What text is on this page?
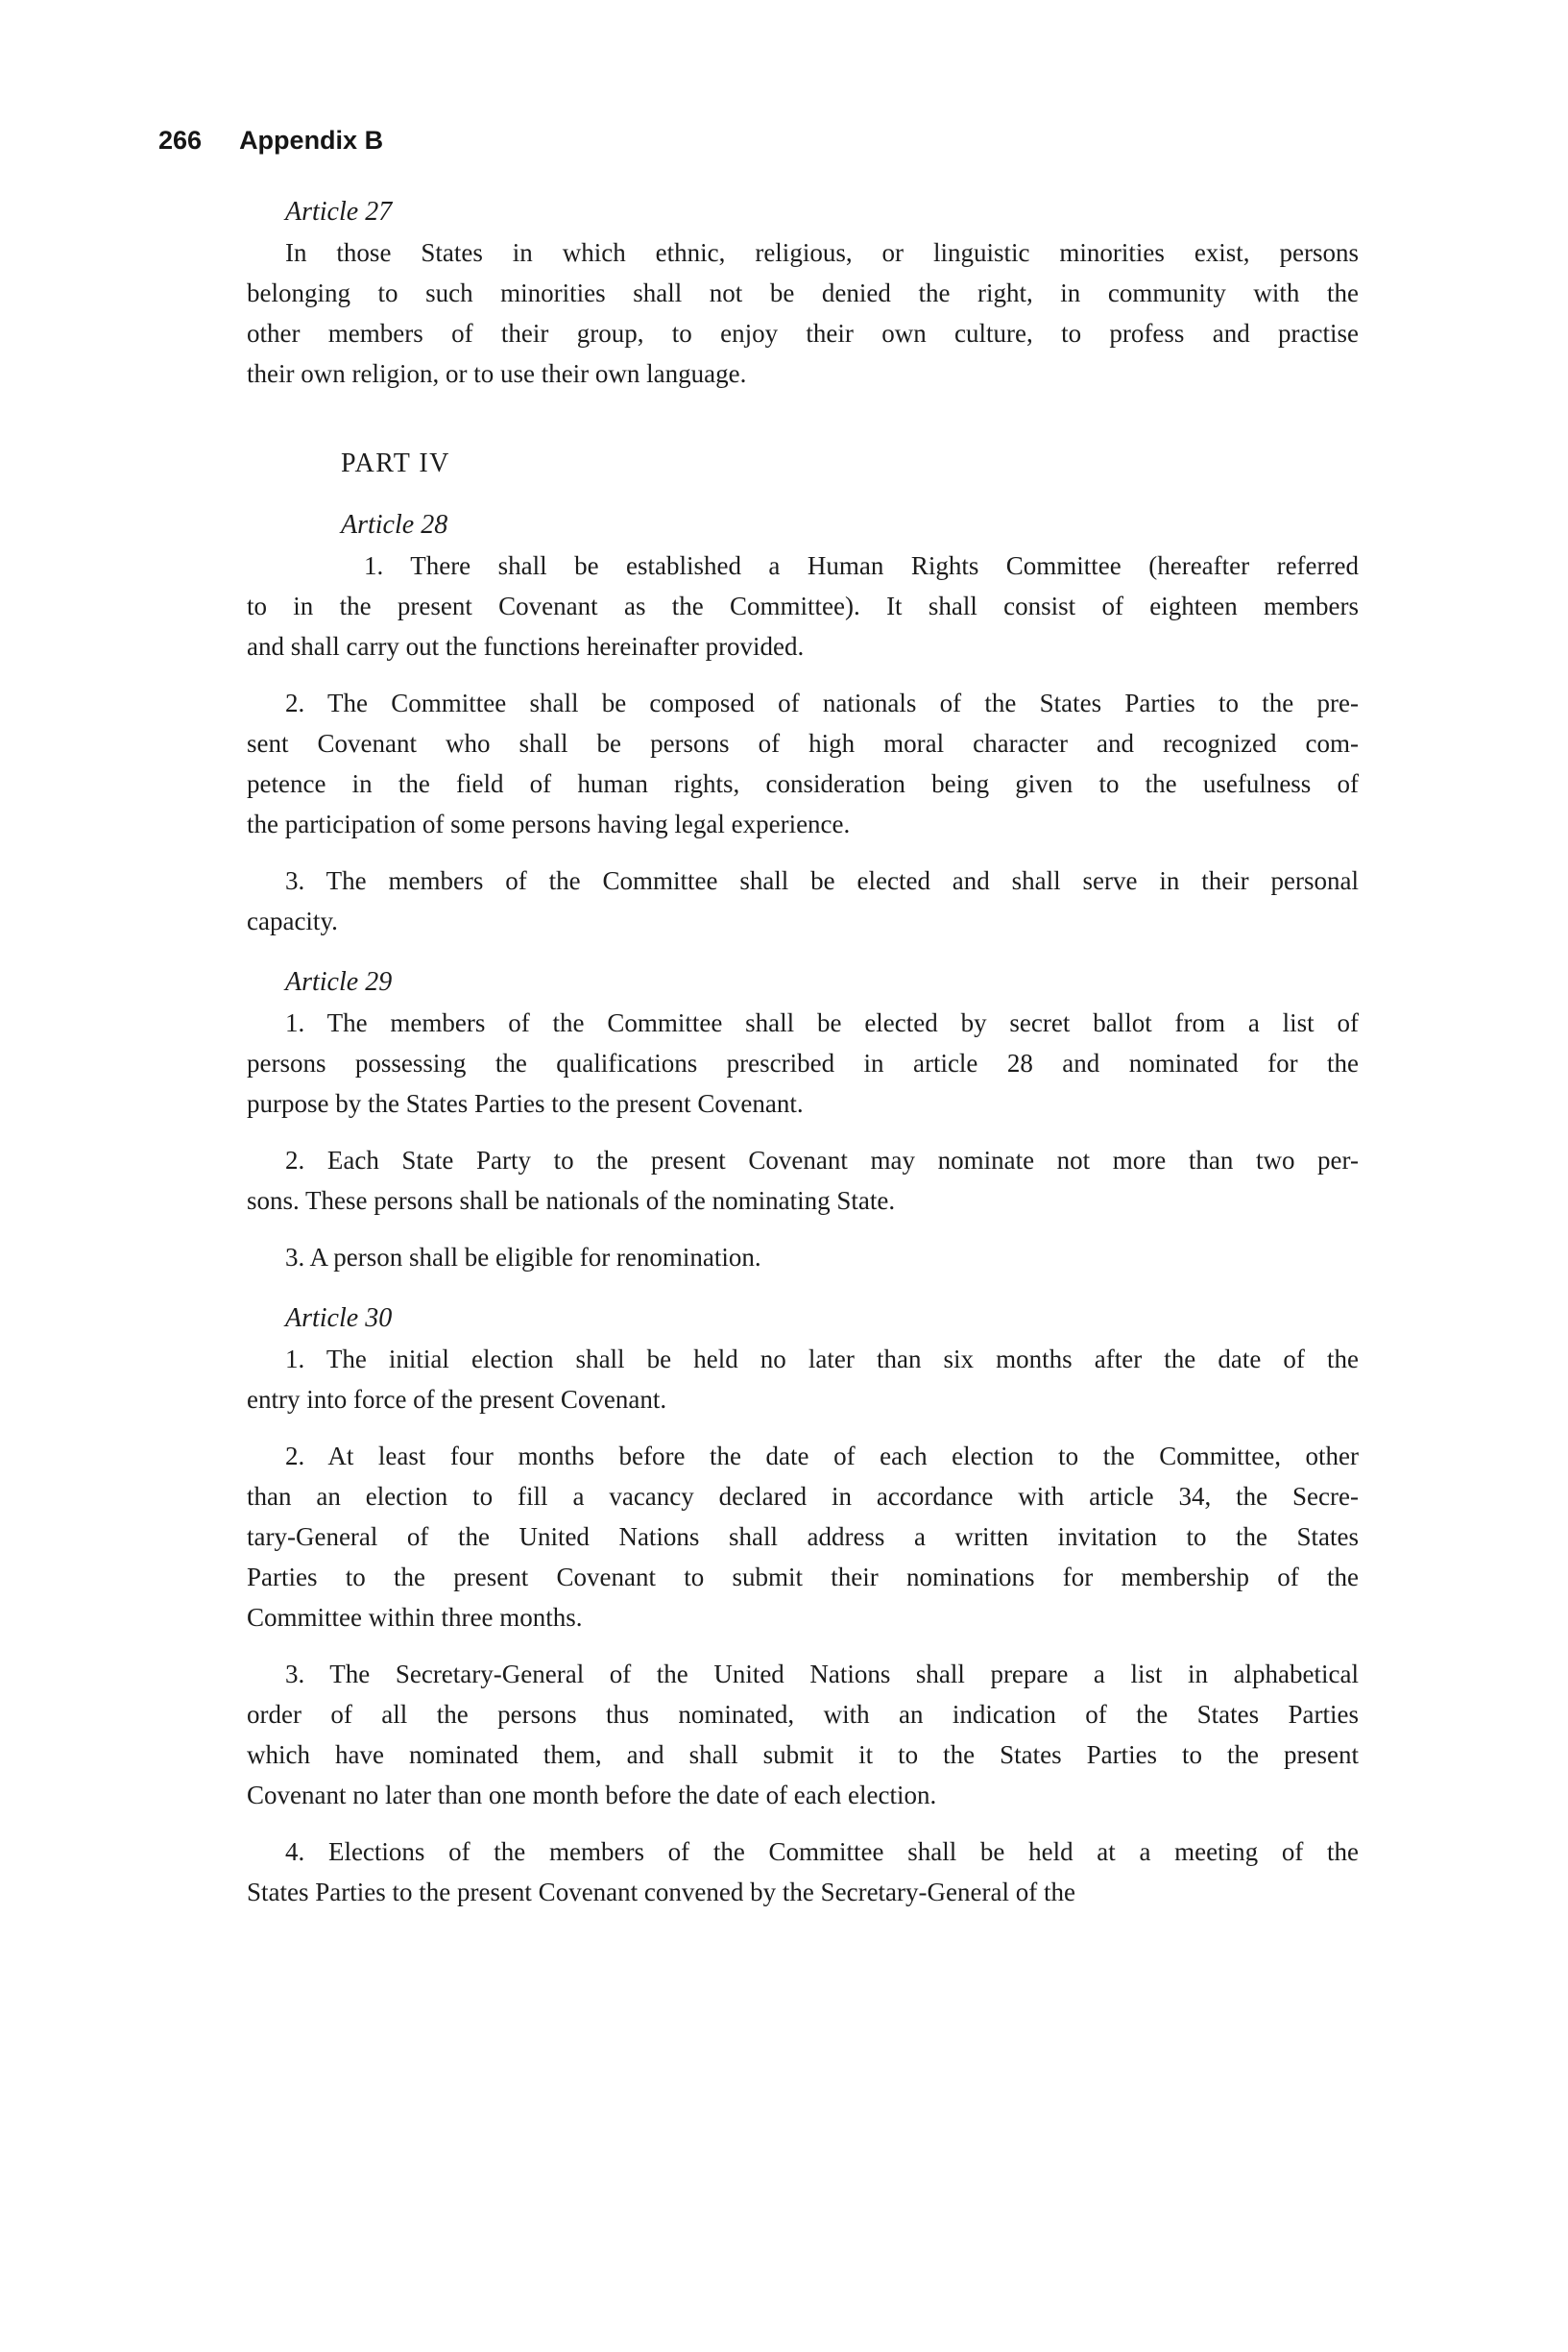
266 Appendix B
Article 27

In those States in which ethnic, religious, or linguistic minorities exist, persons
belonging to such minorities shall not be denied the right, in community with the
other members of their group, to enjoy their own culture, to profess and practise
their own religion, or to use their own language.

PART IV
Article 28

1. There shall be established a Human Rights Committee (hereafter referred
to in the present Covenant as the Committee). It shall consist of eighteen members
and shall carry out the functions hereinafter provided.

2. The Committee shall be composed of nationals of the States Parties to the pre-
sent Covenant who shall be persons of high moral character and recognized com-
petence in the field of human rights, consideration being given to the usefulness of
the participation of some persons having legal experience.

3. The members of the Committee shall be elected and shall serve in their personal
capacity.

Article 29

1. The members of the Committee shall be elected by secret ballot from a list of
persons possessing the qualifications prescribed in article 28 and nominated for the
purpose by the States Parties to the present Covenant.

2. Each State Party to the present Covenant may nominate not more than two per-
sons. These persons shall be nationals of the nominating State.

3. A person shall be eligible for renomination.

Article 30

1. The initial election shall be held no later than six months after the date of the
entry into force of the present Covenant.

2. At least four months before the date of each election to the Committee, other
than an election to fill a vacancy declared in accordance with article 34, the Secre-
tary-General of the United Nations shall address a written invitation to the States
Parties to the present Covenant to submit their nominations for membership of the
Committee within three months.

3. The Secretary-General of the United Nations shall prepare a list in alphabetical
order of all the persons thus nominated, with an indication of the States Parties
which have nominated them, and shall submit it to the States Parties to the present
Covenant no later than one month before the date of each election.

4. Elections of the members of the Committee shall be held at a meeting of the
States Parties to the present Covenant convened by the Secretary-General of the
